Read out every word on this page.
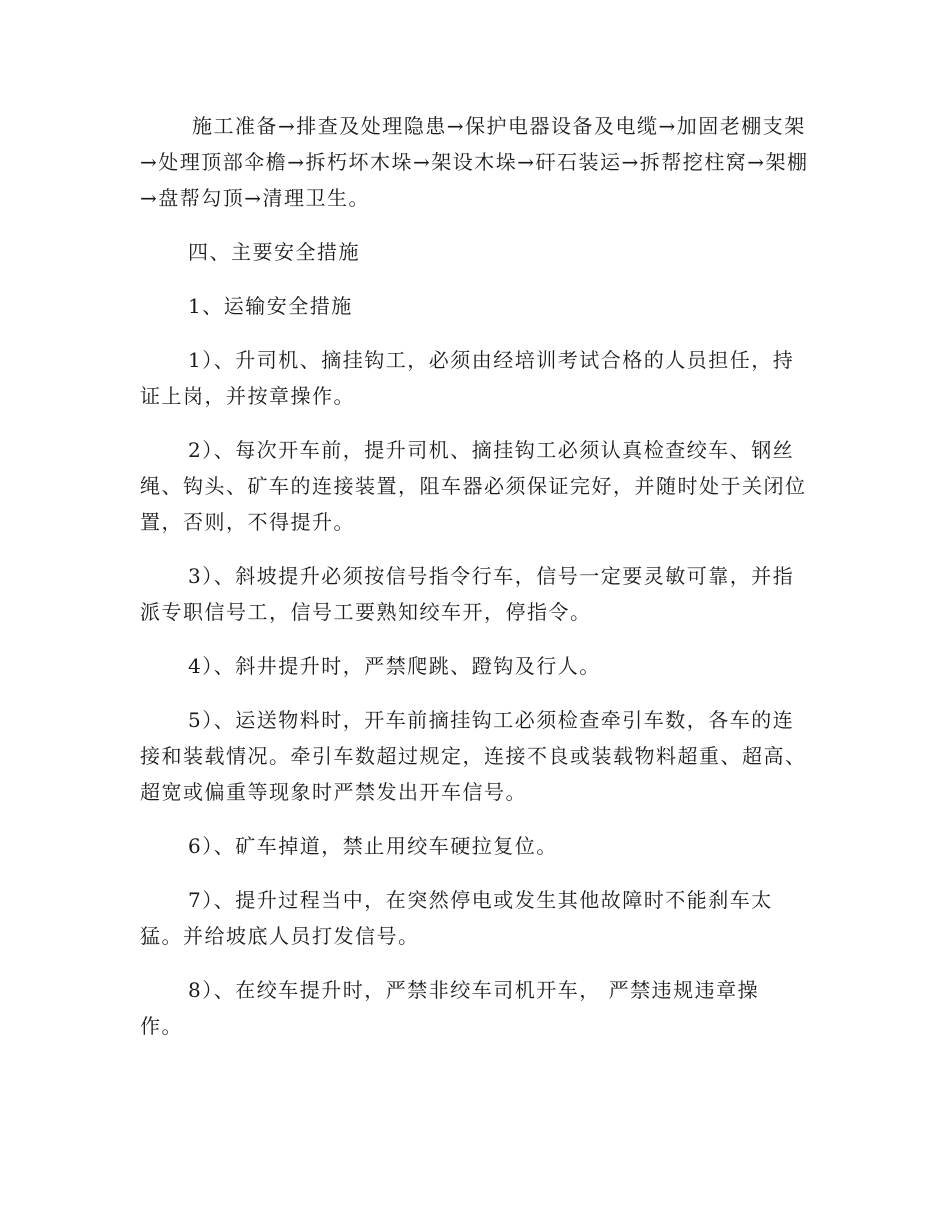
施工准备→排查及处理隐患→保护电器设备及电缆→加固老棚支架→处理顶部伞檐→拆朽坏木垛→架设木垛→矸石装运→拆帮挖柱窝→架棚→盘帮勾顶→清理卫生。

四、主要安全措施

1、运输安全措施

1）、升司机、摘挂钩工，必须由经培训考试合格的人员担任，持证上岗，并按章操作。

2）、每次开车前，提升司机、摘挂钩工必须认真检查绞车、钢丝绳、钩头、矿车的连接装置，阻车器必须保证完好，并随时处于关闭位置，否则，不得提升。

3）、斜坡提升必须按信号指令行车，信号一定要灵敏可靠，并指派专职信号工，信号工要熟知绞车开，停指令。

4）、斜井提升时，严禁爬跳、蹬钩及行人。

5）、运送物料时，开车前摘挂钩工必须检查牵引车数，各车的连接和装载情况。牵引车数超过规定，连接不良或装载物料超重、超高、超宽或偏重等现象时严禁发出开车信号。

6）、矿车掉道，禁止用绞车硬拉复位。

7）、提升过程当中，在突然停电或发生其他故障时不能刹车太猛。并给坡底人员打发信号。

8）、在绞车提升时，严禁非绞车司机开车， 严禁违规违章操作。
